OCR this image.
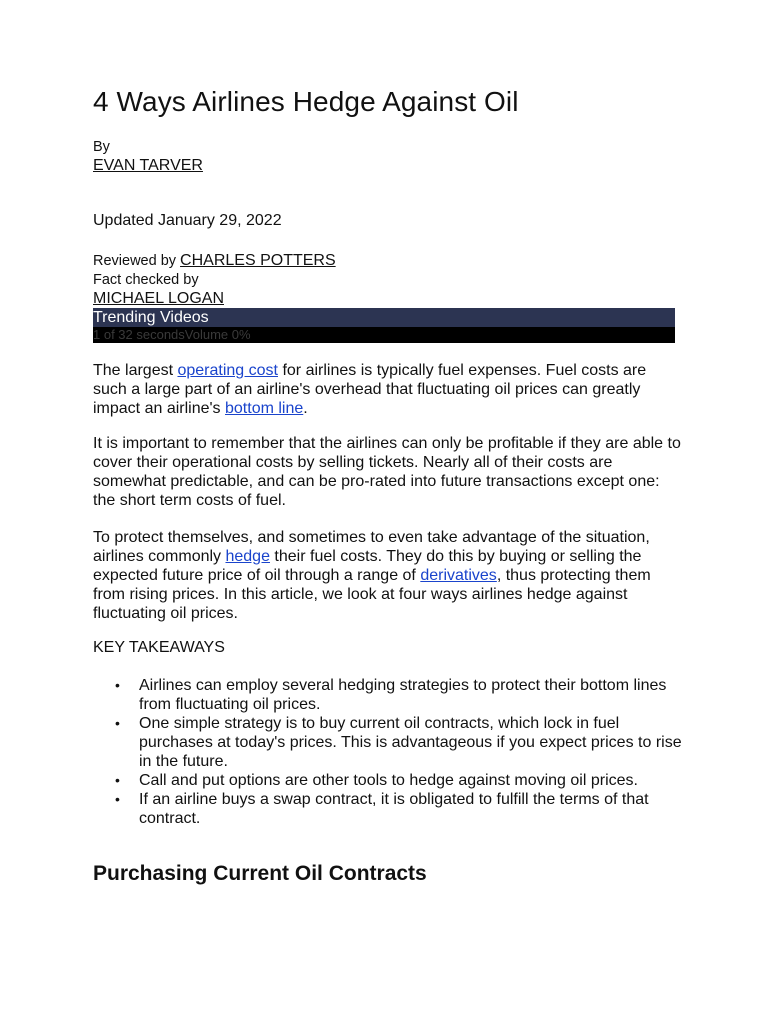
4 Ways Airlines Hedge Against Oil
By
EVAN TARVER
Updated January 29, 2022
Reviewed by CHARLES POTTERS
Fact checked by
MICHAEL LOGAN
Trending Videos
1 of 32 secondsVolume 0%

The largest operating cost for airlines is typically fuel expenses. Fuel costs are such a large part of an airline's overhead that fluctuating oil prices can greatly impact an airline's bottom line.

It is important to remember that the airlines can only be profitable if they are able to cover their operational costs by selling tickets. Nearly all of their costs are somewhat predictable, and can be pro-rated into future transactions except one: the short term costs of fuel.

To protect themselves, and sometimes to even take advantage of the situation, airlines commonly hedge their fuel costs. They do this by buying or selling the expected future price of oil through a range of derivatives, thus protecting them from rising prices. In this article, we look at four ways airlines hedge against fluctuating oil prices.

KEY TAKEAWAYS
• Airlines can employ several hedging strategies to protect their bottom lines from fluctuating oil prices.
• One simple strategy is to buy current oil contracts, which lock in fuel purchases at today's prices. This is advantageous if you expect prices to rise in the future.
• Call and put options are other tools to hedge against moving oil prices.
• If an airline buys a swap contract, it is obligated to fulfill the terms of that contract.
Purchasing Current Oil Contracts
